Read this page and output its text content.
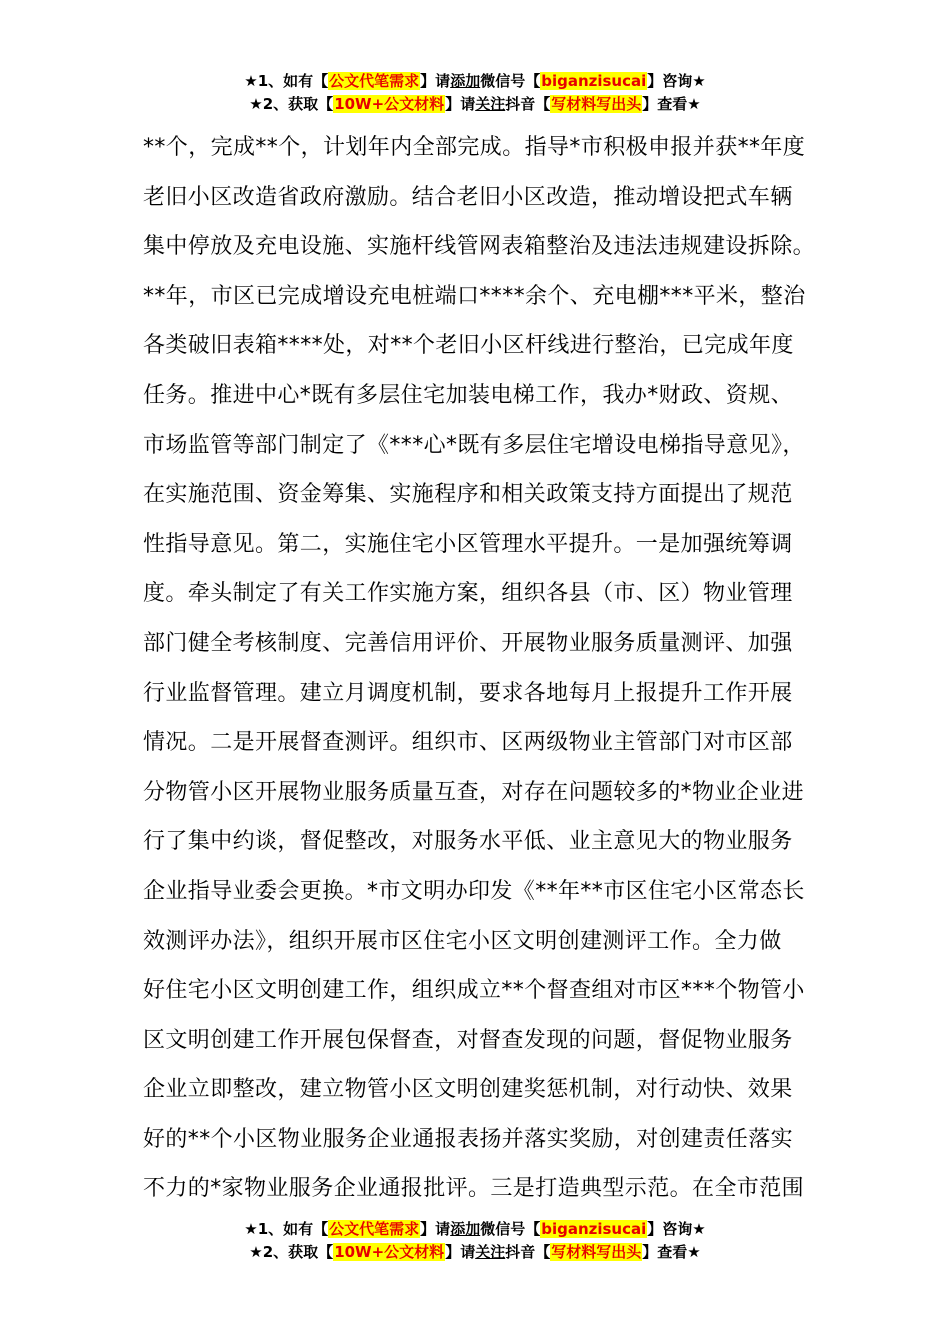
★1、如有【公文代笔需求】请添加微信号【biganzisucai】咨询★
★2、获取【10W+公文材料】请关注抖音【写材料写出头】查看★
**个，完成**个，计划年内全部完成。指导*市积极申报并获**年度
老旧小区改造省政府激励。结合老旧小区改造，推动增设把式车辆
集中停放及充电设施、实施杆线管网表箱整治及违法违规建设拆除。
**年，市区已完成增设充电桩端口****余个、充电棚***平米，整治
各类破旧表箱****处，对**个老旧小区杆线进行整治，已完成年度
任务。推进中心*既有多层住宅加装电梯工作，我办*财政、资规、
市场监管等部门制定了《***心*既有多层住宅增设电梯指导意见》，
在实施范围、资金筹集、实施程序和相关政策支持方面提出了规范
性指导意见。第二，实施住宅小区管理水平提升。一是加强统筹调
度。牵头制定了有关工作实施方案，组织各县（市、区）物业管理
部门健全考核制度、完善信用评价、开展物业服务质量测评、加强
行业监督管理。建立月调度机制，要求各地每月上报提升工作开展
情况。二是开展督查测评。组织市、区两级物业主管部门对市区部
分物管小区开展物业服务质量互查，对存在问题较多的*物业企业进
行了集中约谈，督促整改，对服务水平低、业主意见大的物业服务
企业指导业委会更换。*市文明办印发《**年**市区住宅小区常态长
效测评办法》，组织开展市区住宅小区文明创建测评工作。全力做
好住宅小区文明创建工作，组织成立**个督查组对市区***个物管小
区文明创建工作开展包保督查，对督查发现的问题，督促物业服务
企业立即整改，建立物管小区文明创建奖惩机制，对行动快、效果
好的**个小区物业服务企业通报表扬并落实奖励，对创建责任落实
不力的*家物业服务企业通报批评。三是打造典型示范。在全市范围
★1、如有【公文代笔需求】请添加微信号【biganzisucai】咨询★
★2、获取【10W+公文材料】请关注抖音【写材料写出头】查看★
